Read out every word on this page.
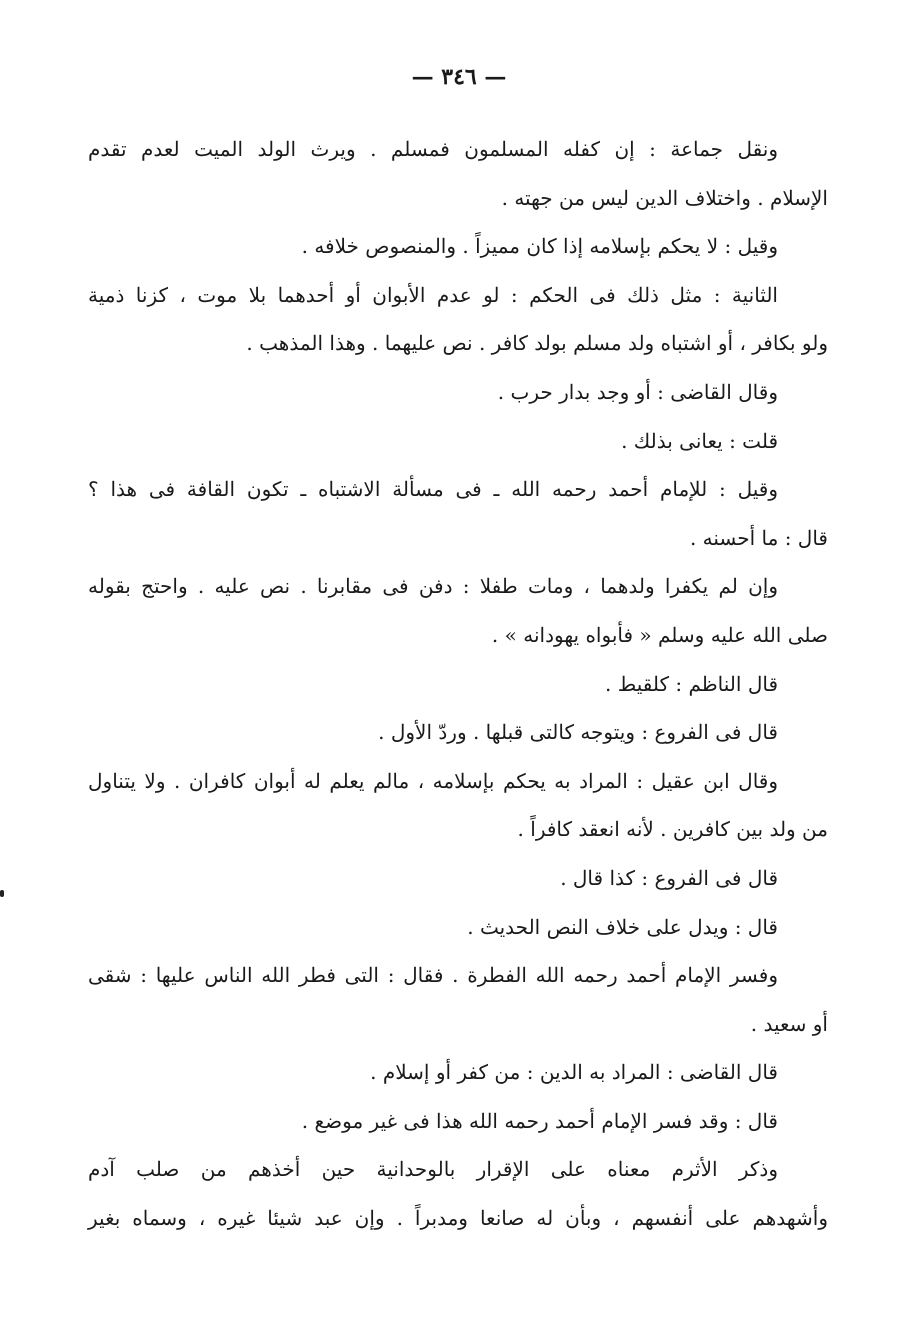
— ٣٤٦ —
ونقل جماعة : إن كفله المسلمون فمسلم . ويرث الولد الميت لعدم تقدم
الإسلام . واختلاف الدين ليس من جهته .
وقيل : لا يحكم بإسلامه إذا كان مميزاً . والمنصوص خلافه .
الثانية : مثل ذلك فى الحكم : لو عدم الأبوان أو أحدهما بلا موت ، كزنا ذمية
ولو بكافر ، أو اشتباه ولد مسلم بولد كافر . نص عليهما . وهذا المذهب .
وقال القاضى : أو وجد بدار حرب .
قلت : يعانى بذلك .
وقيل : للإمام أحمد رحمه الله ـ فى مسألة الاشتباه ـ تكون القافة فى هذا ؟
قال : ما أحسنه .
وإن لم يكفرا ولدهما ، ومات طفلا : دفن فى مقابرنا . نص عليه . واحتج بقوله
صلى الله عليه وسلم « فأبواه يهودانه » .
قال الناظم : كلقيط .
قال فى الفروع : ويتوجه كالتى قبلها . وردّ الأول .
وقال ابن عقيل : المراد به يحكم بإسلامه ، مالم يعلم له أبوان كافران . ولا يتناول
من ولد بين كافرين . لأنه انعقد كافراً .
قال فى الفروع : كذا قال .
قال : ويدل على خلاف النص الحديث .
وفسر الإمام أحمد رحمه الله الفطرة . فقال : التى فطر الله الناس عليها : شقى
أو سعيد .
قال القاضى : المراد به الدين : من كفر أو إسلام .
قال : وقد فسر الإمام أحمد رحمه الله هذا فى غير موضع .
وذكر الأثرم معناه على الإقرار بالوحدانية حين أخذهم من صلب آدم
وأشهدهم على أنفسهم ، وبأن له صانعا ومدبراً . وإن عبد شيئا غيره ، وسماه بغير
